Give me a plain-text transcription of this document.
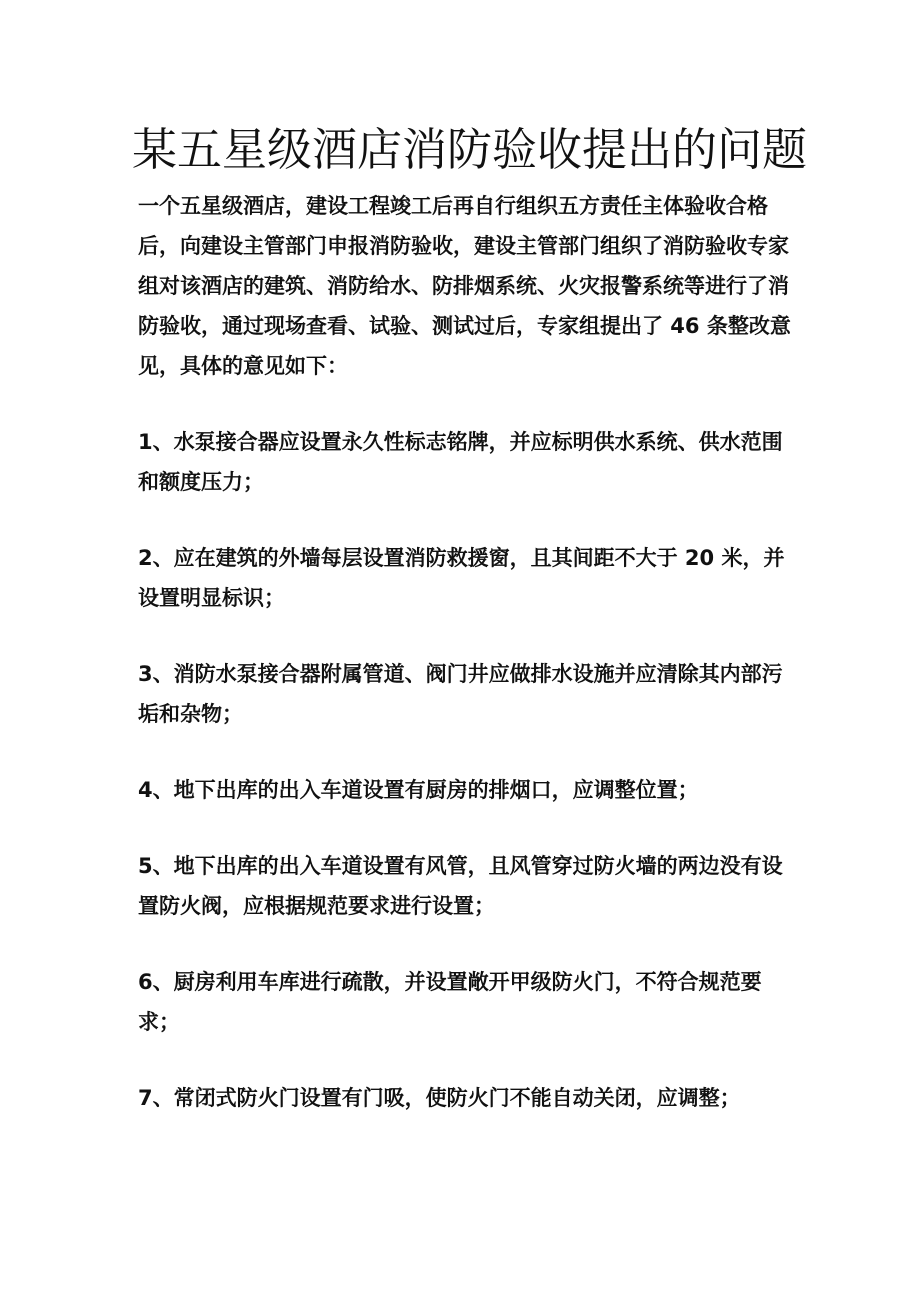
某五星级酒店消防验收提出的问题

一个五星级酒店，建设工程竣工后再自行组织五方责任主体验收合格后，向建设主管部门申报消防验收，建设主管部门组织了消防验收专家组对该酒店的建筑、消防给水、防排烟系统、火灾报警系统等进行了消防验收，通过现场查看、试验、测试过后，专家组提出了 46 条整改意见，具体的意见如下：

1、水泵接合器应设置永久性标志铭牌，并应标明供水系统、供水范围和额度压力；

2、应在建筑的外墙每层设置消防救援窗，且其间距不大于 20 米，并设置明显标识；

3、消防水泵接合器附属管道、阀门井应做排水设施并应清除其内部污垢和杂物；

4、地下出库的出入车道设置有厨房的排烟口，应调整位置；

5、地下出库的出入车道设置有风管，且风管穿过防火墙的两边没有设置防火阀，应根据规范要求进行设置；

6、厨房利用车库进行疏散，并设置敞开甲级防火门，不符合规范要求；

7、常闭式防火门设置有门吸，使防火门不能自动关闭，应调整；
